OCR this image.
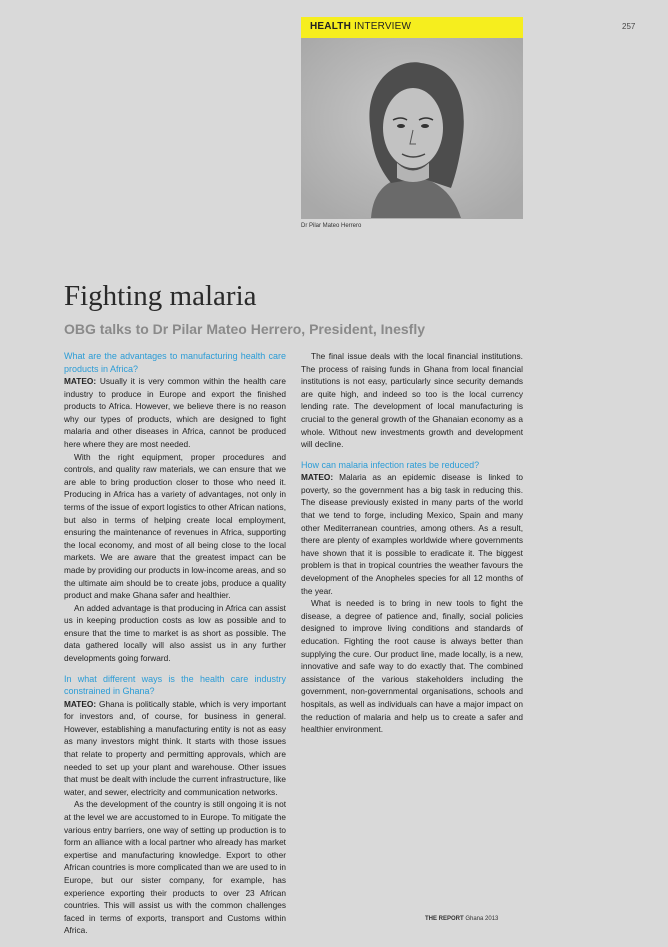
HEALTH INTERVIEW	257
Dr Pilar Mateo Herrero
Fighting malaria
OBG talks to Dr Pilar Mateo Herrero, President, Inesfly

What are the advantages to manufacturing health care products in Africa?

MATEO: Usually it is very common within the health care industry to produce in Europe and export the finished products to Africa. However, we believe there is no reason why our types of products, which are designed to fight malaria and other diseases in Africa, cannot be produced here where they are most needed.

With the right equipment, proper procedures and controls, and quality raw materials, we can ensure that we are able to bring production closer to those who need it. Producing in Africa has a variety of advantages, not only in terms of the issue of export logistics to other African nations, but also in terms of helping create local employment, ensuring the maintenance of revenues in Africa, supporting the local economy, and most of all being close to the local markets. We are aware that the greatest impact can be made by providing our products in low-income areas, and so the ultimate aim should be to create jobs, produce a quality product and make Ghana safer and healthier.

An added advantage is that producing in Africa can assist us in keeping production costs as low as possible and to ensure that the time to market is as short as possible. The data gathered locally will also assist us in any further developments going forward.

In what different ways is the health care industry constrained in Ghana?

MATEO: Ghana is politically stable, which is very important for investors and, of course, for business in general. However, establishing a manufacturing entity is not as easy as many investors might think. It starts with those issues that relate to property and permitting approvals, which are needed to set up your plant and warehouse. Other issues that must be dealt with include the current infrastructure, like water, and sewer, electricity and communication networks.

As the development of the country is still ongoing it is not at the level we are accustomed to in Europe. To mitigate the various entry barriers, one way of setting up production is to form an alliance with a local partner who already has market expertise and manufacturing knowledge. Export to other African countries is more complicated than we are used to in Europe, but our sister company, for example, has experience exporting their products to over 23 African countries. This will assist us with the common challenges faced in terms of exports, transport and Customs within Africa.

The final issue deals with the local financial institutions. The process of raising funds in Ghana from local financial institutions is not easy, particularly since security demands are quite high, and indeed so too is the local currency lending rate. The development of local manufacturing is crucial to the general growth of the Ghanaian economy as a whole. Without new investments growth and development will decline.

How can malaria infection rates be reduced?

MATEO: Malaria as an epidemic disease is linked to poverty, so the government has a big task in reducing this. The disease previously existed in many parts of the world that we tend to forge, including Mexico, Spain and many other Mediterranean countries, among others. As a result, there are plenty of examples worldwide where governments have shown that it is possible to eradicate it. The biggest problem is that in tropical countries the weather favours the development of the Anopheles species for all 12 months of the year.

What is needed is to bring in new tools to fight the disease, a degree of patience and, finally, social policies designed to improve living conditions and standards of education. Fighting the root cause is always better than supplying the cure. Our product line, made locally, is a new, innovative and safe way to do exactly that. The combined assistance of the various stakeholders including the government, non-governmental organisations, schools and hospitals, as well as individuals can have a major impact on the reduction of malaria and help us to create a safer and healthier environment.

THE REPORT Ghana 2013
